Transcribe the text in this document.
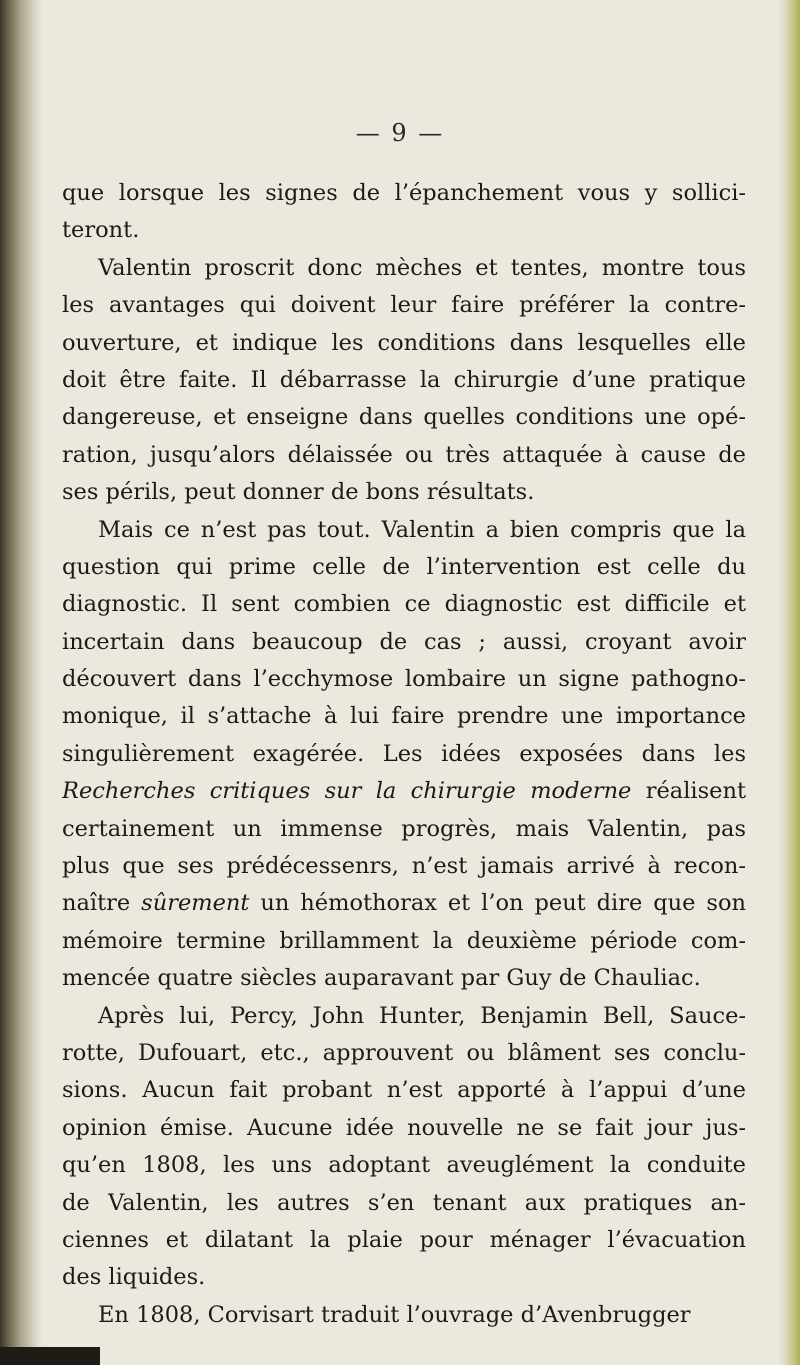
— 9 —
que lorsque les signes de l’épanchement vous y sollici-
teront.
Valentin proscrit donc mèches et tentes, montre tous
les avantages qui doivent leur faire préférer la contre-
ouverture, et indique les conditions dans lesquelles elle
doit être faite. Il débarrasse la chirurgie d’une pratique
dangereuse, et enseigne dans quelles conditions une opé-
ration, jusqu’alors délaissée ou très attaquée à cause de
ses périls, peut donner de bons résultats.
Mais ce n’est pas tout. Valentin a bien compris que la
question qui prime celle de l’intervention est celle du
diagnostic. Il sent combien ce diagnostic est difficile et
incertain dans beaucoup de cas ; aussi, croyant avoir
découvert dans l’ecchymose lombaire un signe pathogno-
monique, il s’attache à lui faire prendre une importance
singulièrement exagérée. Les idées exposées dans les
Recherches critiques sur la chirurgie moderne réalisent
certainement un immense progrès, mais Valentin, pas
plus que ses prédécessenrs, n’est jamais arrivé à recon-
naître sûrement un hémothorax et l’on peut dire que son
mémoire termine brillamment la deuxième période com-
mencée quatre siècles auparavant par Guy de Chauliac.
Après lui, Percy, John Hunter, Benjamin Bell, Sauce-
rotte, Dufouart, etc., approuvent ou blâment ses conclu-
sions. Aucun fait probant n’est apporté à l’appui d’une
opinion émise. Aucune idée nouvelle ne se fait jour jus-
qu’en 1808, les uns adoptant aveuglément la conduite
de Valentin, les autres s’en tenant aux pratiques an-
ciennes et dilatant la plaie pour ménager l’évacuation
des liquides.
En 1808, Corvisart traduit l’ouvrage d’Avenbrugger
